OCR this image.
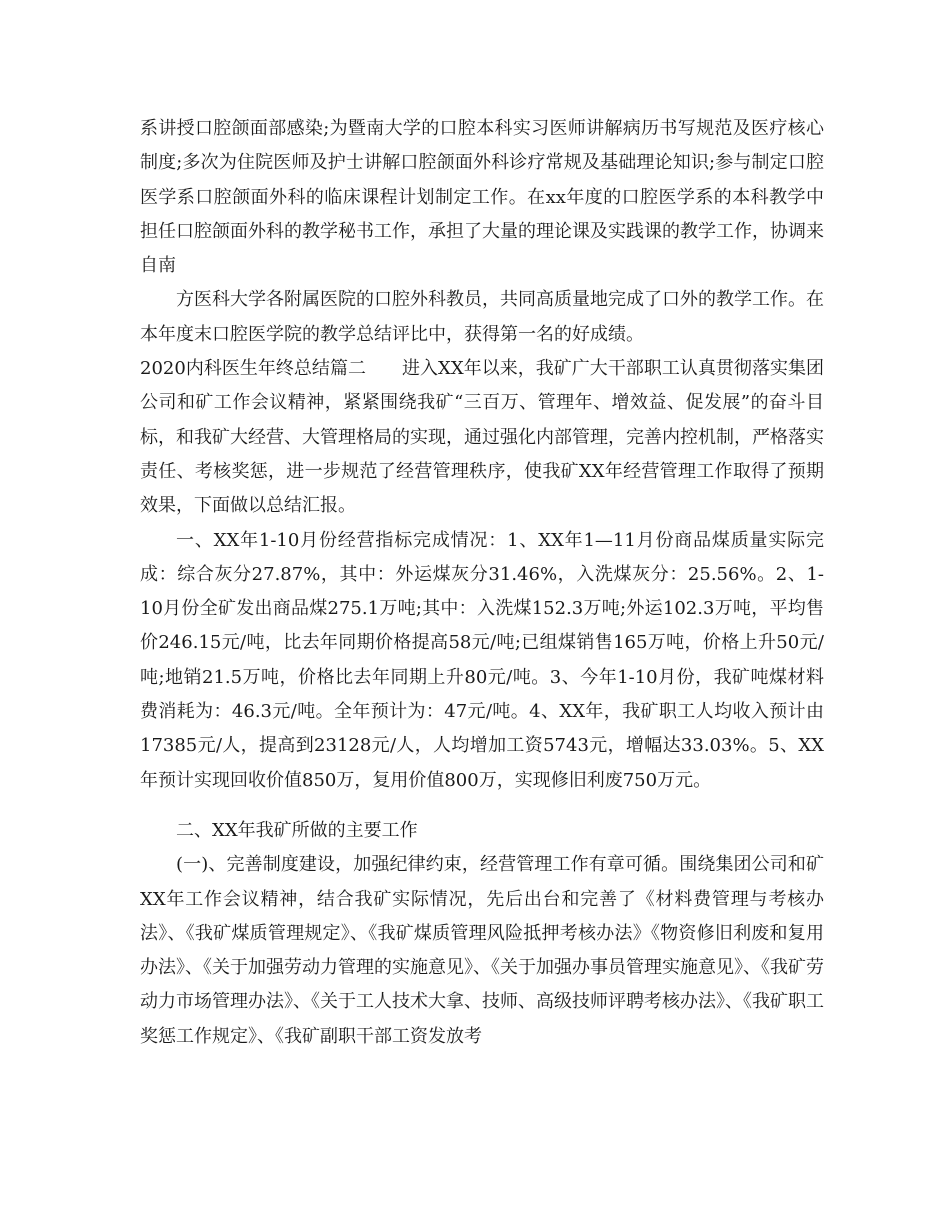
系讲授口腔颌面部感染;为暨南大学的口腔本科实习医师讲解病历书写规范及医疗核心制度;多次为住院医师及护士讲解口腔颌面外科诊疗常规及基础理论知识;参与制定口腔医学系口腔颌面外科的临床课程计划制定工作。在xx年度的口腔医学系的本科教学中担任口腔颌面外科的教学秘书工作，承担了大量的理论课及实践课的教学工作，协调来自南

方医科大学各附属医院的口腔外科教员，共同高质量地完成了口外的教学工作。在本年度末口腔医学院的教学总结评比中，获得第一名的好成绩。

2020内科医生年终总结篇二　　进入XX年以来，我矿广大干部职工认真贯彻落实集团公司和矿工作会议精神，紧紧围绕我矿“三百万、管理年、增效益、促发展”的奋斗目标，和我矿大经营、大管理格局的实现，通过强化内部管理，完善内控机制，严格落实责任、考核奖惩，进一步规范了经营管理秩序，使我矿XX年经营管理工作取得了预期效果，下面做以总结汇报。

一、XX年1-10月份经营指标完成情况：1、XX年1—11月份商品煤质量实际完成：综合灰分27.87%，其中：外运煤灰分31.46%，入洗煤灰分：25.56%。2、1-10月份全矿发出商品煤275.1万吨;其中：入洗煤152.3万吨;外运102.3万吨，平均售价246.15元/吨，比去年同期价格提高58元/吨;已组煤销售165万吨，价格上升50元/吨;地销21.5万吨，价格比去年同期上升80元/吨。3、今年1-10月份，我矿吨煤材料费消耗为：46.3元/吨。全年预计为：47元/吨。4、XX年，我矿职工人均收入预计由17385元/人，提高到23128元/人，人均增加工资5743元，增幅达33.03%。5、XX年预计实现回收价值850万，复用价值800万，实现修旧利废750万元。

二、XX年我矿所做的主要工作

(一)、完善制度建设，加强纪律约束，经营管理工作有章可循。围绕集团公司和矿XX年工作会议精神，结合我矿实际情况，先后出台和完善了《材料费管理与考核办法》、《我矿煤质管理规定》、《我矿煤质管理风险抵押考核办法》《物资修旧利废和复用办法》、《关于加强劳动力管理的实施意见》、《关于加强办事员管理实施意见》、《我矿劳动力市场管理办法》、《关于工人技术大拿、技师、高级技师评聘考核办法》、《我矿职工奖惩工作规定》、《我矿副职干部工资发放考
